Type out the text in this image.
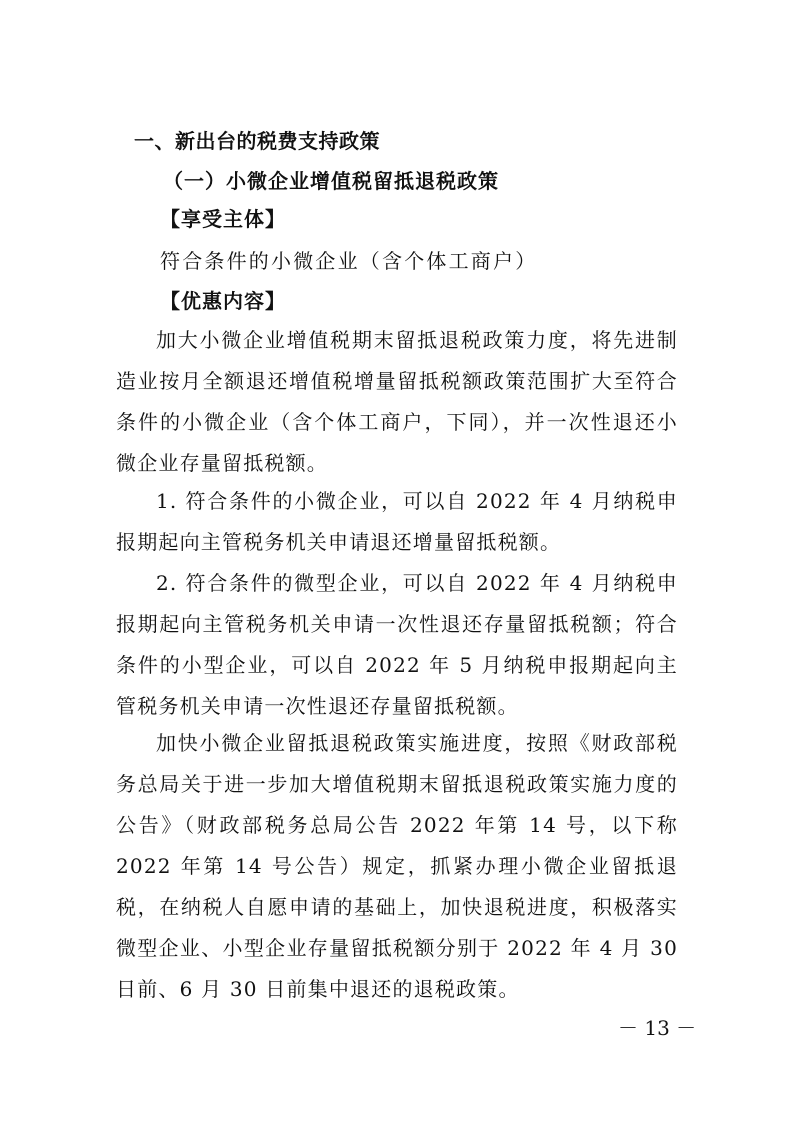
一、新出台的税费支持政策
（一）小微企业增值税留抵退税政策
【享受主体】
符合条件的小微企业（含个体工商户）
【优惠内容】

加大小微企业增值税期末留抵退税政策力度，将先进制造业按月全额退还增值税增量留抵税额政策范围扩大至符合条件的小微企业（含个体工商户，下同），并一次性退还小微企业存量留抵税额。

1. 符合条件的小微企业，可以自 2022 年 4 月纳税申报期起向主管税务机关申请退还增量留抵税额。

2. 符合条件的微型企业，可以自 2022 年 4 月纳税申报期起向主管税务机关申请一次性退还存量留抵税额；符合条件的小型企业，可以自 2022 年 5 月纳税申报期起向主管税务机关申请一次性退还存量留抵税额。

加快小微企业留抵退税政策实施进度，按照《财政部税务总局关于进一步加大增值税期末留抵退税政策实施力度的公告》（财政部税务总局公告 2022 年第 14 号，以下称 2022 年第 14 号公告）规定，抓紧办理小微企业留抵退税，在纳税人自愿申请的基础上，加快退税进度，积极落实微型企业、小型企业存量留抵税额分别于 2022 年 4 月 30 日前、6 月 30 日前集中退还的退税政策。

－ 13 －
